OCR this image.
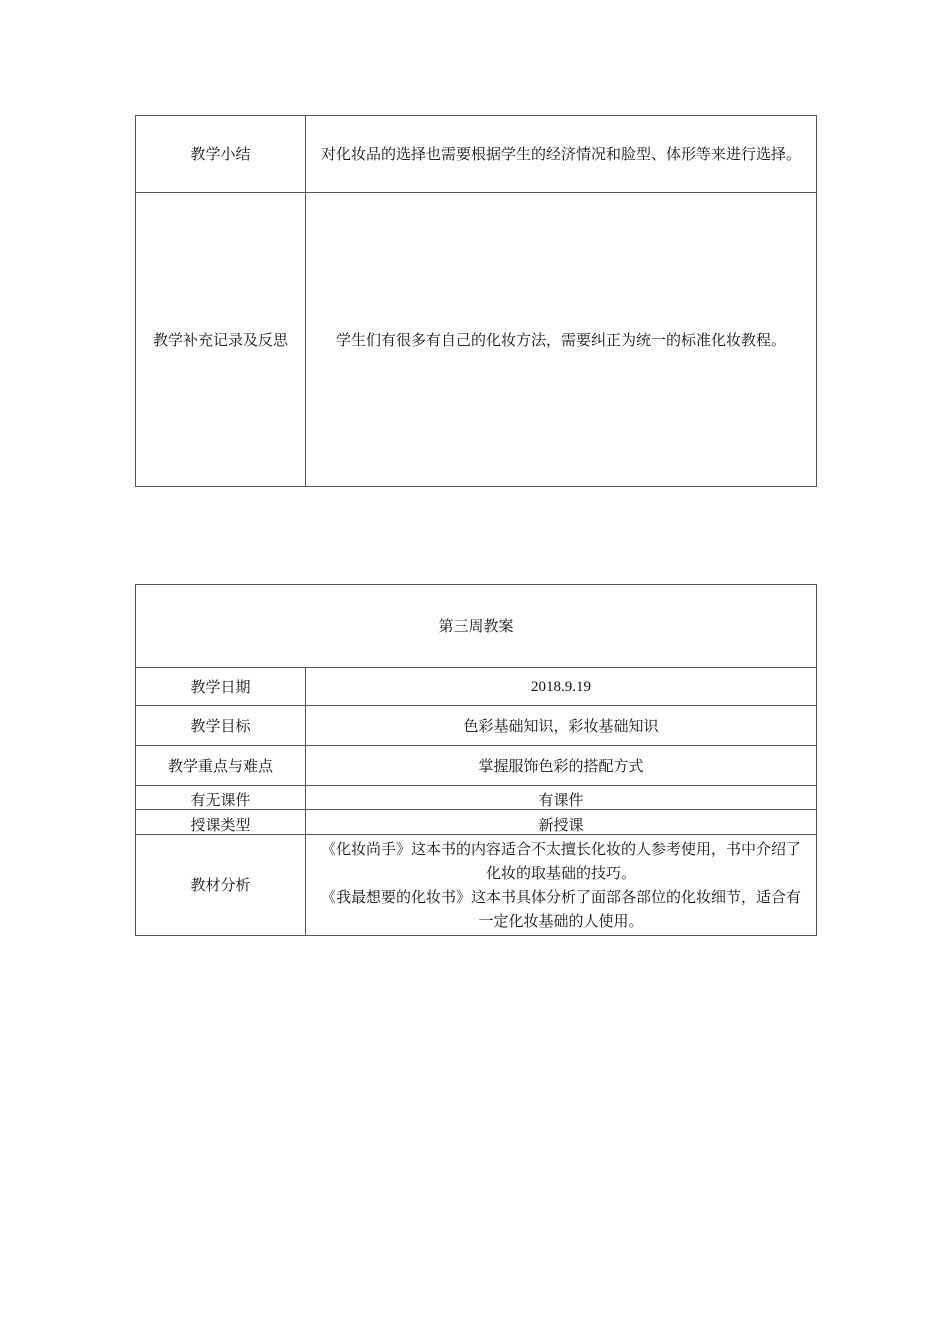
教学小结	对化妆品的选择也需要根据学生的经济情况和脸型、体形等来进行选择。
教学补充记录及反思	学生们有很多有自己的化妆方法，需要纠正为统一的标准化妆教程。
第三周教案	
教学日期	2018.9.19
教学目标	色彩基础知识，彩妆基础知识
教学重点与难点	掌握服饰色彩的搭配方式
有无课件	有课件
授课类型	新授课
教材分析	《化妆尚手》这本书的内容适合不太擅长化妆的人参考使用，书中介绍了化妆的取基础的技巧。
《我最想要的化妆书》这本书具体分析了面部各部位的化妆细节，适合有一定化妆基础的人使用。
